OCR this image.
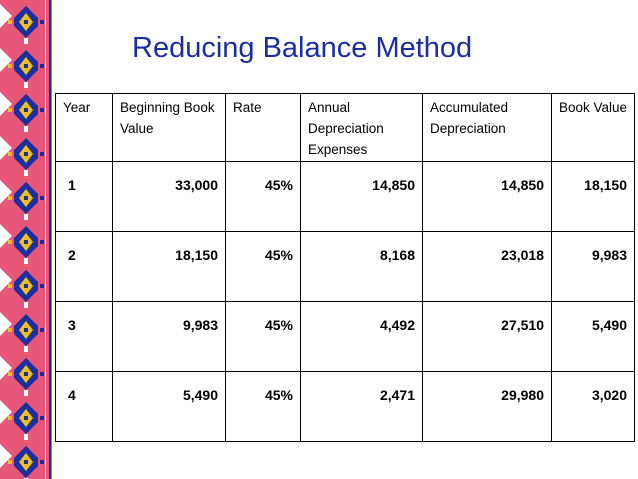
Reducing Balance Method
Year	Beginning Book Value	Rate	Annual Depreciation Expenses	Accumulated Depreciation	Book Value
1	33,000	45%	14,850	14,850	18,150
2	18,150	45%	8,168	23,018	9,983
3	9,983	45%	4,492	27,510	5,490
4	5,490	45%	2,471	29,980	3,020
